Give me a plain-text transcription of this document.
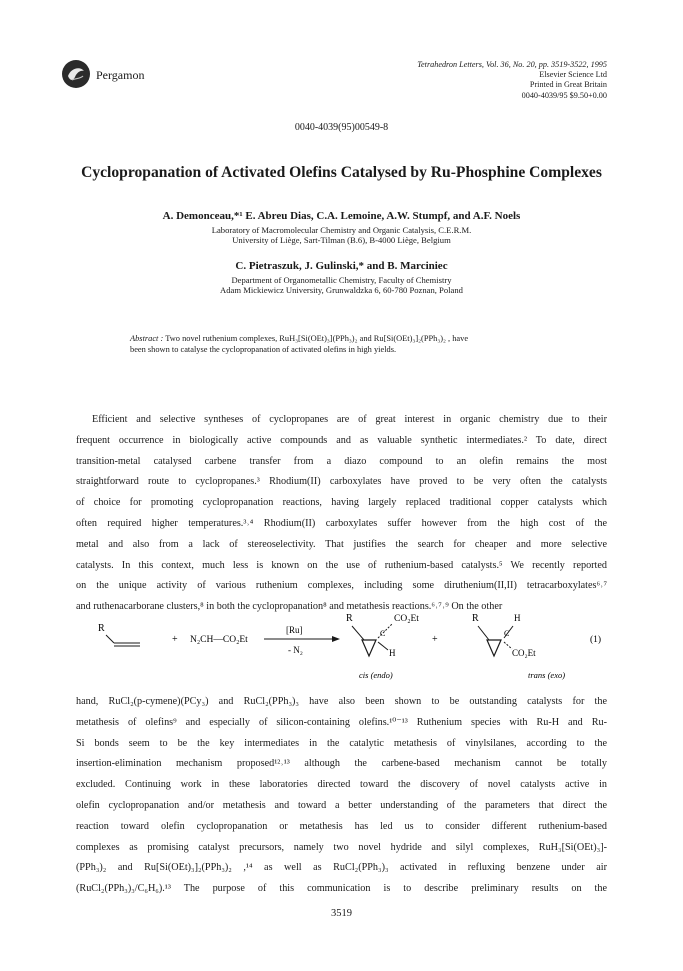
Pergamon
Tetrahedron Letters, Vol. 36, No. 20, pp. 3519-3522, 1995
Elsevier Science Ltd
Printed in Great Britain
0040-4039/95 $9.50+0.00
0040-4039(95)00549-8
Cyclopropanation of Activated Olefins Catalysed by Ru-Phosphine Complexes
A. Demonceau,*¹ E. Abreu Dias, C.A. Lemoine, A.W. Stumpf, and A.F. Noels
Laboratory of Macromolecular Chemistry and Organic Catalysis, C.E.R.M.
University of Liège, Sart-Tilman (B.6), B-4000 Liège, Belgium
C. Pietraszuk, J. Gulinski,* and B. Marciniec
Department of Organometallic Chemistry, Faculty of Chemistry
Adam Mickiewicz University, Grunwaldzka 6, 60-780 Poznan, Poland
Abstract : Two novel ruthenium complexes, RuH₃[Si(OEt)₃](PPh₃)₂ and Ru[Si(OEt)₃]₂(PPh₃)₂ , have
been shown to catalyse the cyclopropanation of activated olefins in high yields.
Efficient and selective syntheses of cyclopropanes are of great interest in organic chemistry due to their
frequent occurrence in biologically active compounds and as valuable synthetic intermediates.² To date, direct
transition-metal catalysed carbene transfer from a diazo compound to an olefin remains the most
straightforward route to cyclopropanes.³ Rhodium(II) carboxylates have proved to be very often the catalysts
of choice for promoting cyclopropanation reactions, having largely replaced traditional copper catalysts which
often required higher temperatures.³˒⁴ Rhodium(II) carboxylates suffer however from the high cost of the
metal and also from a lack of stereoselectivity. That justifies the search for cheaper and more selective
catalysts. In this context, much less is known on the use of ruthenium-based catalysts.⁵ We recently reported
on the unique activity of various ruthenium complexes, including some diruthenium(II,II) tetracarboxylates⁶˒⁷
and ruthenacarborane clusters,⁸ in both the cyclopropanation⁸ and metathesis reactions.⁶˒⁷˒⁹ On the other
R
+ N₂CH—CO₂Et
[Ru]
- N₂
R	CO₂Et
C
H
cis (endo)
+
R	H
C
CO₂Et
trans (exo)
(1)
hand, RuCl₂(p-cymene)(PCy₃) and RuCl₂(PPh₃)₃ have also been shown to be outstanding catalysts for the
metathesis of olefins⁹ and especially of silicon-containing olefins.¹⁰⁻¹³ Ruthenium species with Ru-H and Ru-
Si bonds seem to be the key intermediates in the catalytic metathesis of vinylsilanes, according to the
insertion-elimination mechanism proposed¹²˒¹³ although the carbene-based mechanism cannot be totally
excluded. Continuing work in these laboratories directed toward the discovery of novel catalysts active in
olefin cyclopropanation and/or metathesis and toward a better understanding of the parameters that direct the
reaction toward olefin cyclopropanation or metathesis has led us to consider different ruthenium-based
complexes as promising catalyst precursors, namely two novel hydride and silyl complexes, RuH₃[Si(OEt)₃]-
(PPh₃)₂ and Ru[Si(OEt)₃]₂(PPh₃)₂ ,¹⁴ as well as RuCl₂(PPh₃)₃ activated in refluxing benzene under air
(RuCl₂(PPh₃)₃/C₆H₆).¹³ The purpose of this communication is to describe preliminary results on the
3519
